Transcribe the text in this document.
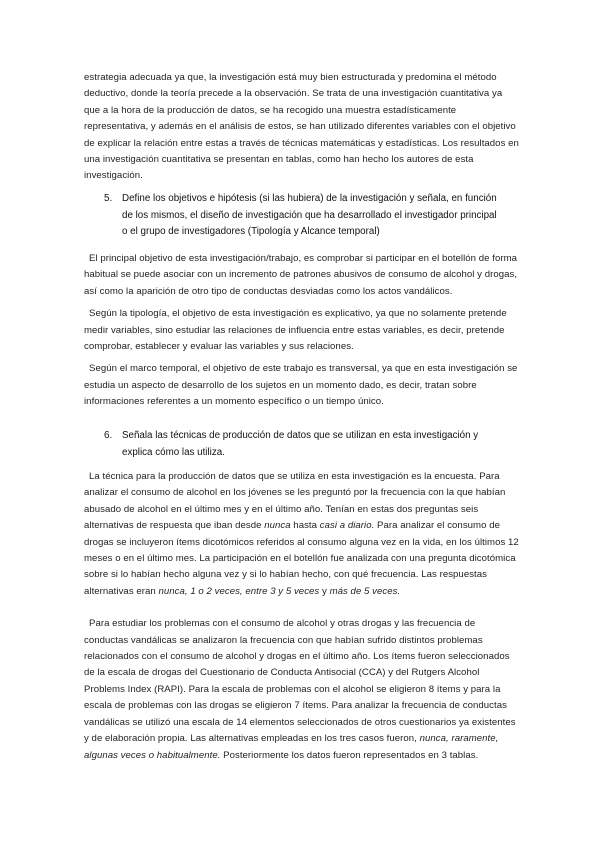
estrategia adecuada ya que, la investigación está muy bien estructurada y predomina el método deductivo, donde la teoría precede a la observación. Se trata de una investigación cuantitativa ya que a la hora de la producción de datos, se ha recogido una muestra estadísticamente representativa, y además en el análisis de estos, se han utilizado diferentes variables con el objetivo de explicar la relación entre estas a través de técnicas matemáticas y estadísticas. Los resultados en una investigación cuantitativa se presentan en tablas, como han hecho los autores de esta investigación.

5. Define los objetivos e hipótesis (si las hubiera) de la investigación y señala, en función de los mismos, el diseño de investigación que ha desarrollado el investigador principal o el grupo de investigadores (Tipología y Alcance temporal)

El principal objetivo de esta investigación/trabajo, es comprobar si participar en el botellón de forma habitual se puede asociar con un incremento de patrones abusivos de consumo de alcohol y drogas, así como la aparición de otro tipo de conductas desviadas como los actos vandálicos.

Según la tipología, el objetivo de esta investigación es explicativo, ya que no solamente pretende medir variables, sino estudiar las relaciones de influencia entre estas variables, es decir, pretende comprobar, establecer y evaluar las variables y sus relaciones.

Según el marco temporal, el objetivo de este trabajo es transversal, ya que en esta investigación se estudia un aspecto de desarrollo de los sujetos en un momento dado, es decir, tratan sobre informaciones referentes a un momento específico o un tiempo único.

6. Señala las técnicas de producción de datos que se utilizan en esta investigación y explica cómo las utiliza.

La técnica para la producción de datos que se utiliza en esta investigación es la encuesta. Para analizar el consumo de alcohol en los jóvenes se les preguntó por la frecuencia con la que habían abusado de alcohol en el último mes y en el último año. Tenían en estas dos preguntas seis alternativas de respuesta que iban desde nunca hasta casi a diario. Para analizar el consumo de drogas se incluyeron ítems dicotómicos referidos al consumo alguna vez en la vida, en los últimos 12 meses o en el último mes. La participación en el botellón fue analizada con una pregunta dicotómica sobre si lo habían hecho alguna vez y si lo habían hecho, con qué frecuencia. Las respuestas alternativas eran nunca, 1 o 2 veces, entre 3 y 5 veces y más de 5 veces.

Para estudiar los problemas con el consumo de alcohol y otras drogas y las frecuencia de conductas vandálicas se analizaron la frecuencia con que habían sufrido distintos problemas relacionados con el consumo de alcohol y drogas en el último año. Los ítems fueron seleccionados de la escala de drogas del Cuestionario de Conducta Antisocial (CCA) y del Rutgers Alcohol Problems Index (RAPI). Para la escala de problemas con el alcohol se eligieron 8 ítems y para la escala de problemas con las drogas se eligieron 7 ítems. Para analizar la frecuencia de conductas vandálicas se utilizó una escala de 14 elementos seleccionados de otros cuestionarios ya existentes y de elaboración propia. Las alternativas empleadas en los tres casos fueron, nunca, raramente, algunas veces o habitualmente. Posteriormente los datos fueron representados en 3 tablas.
